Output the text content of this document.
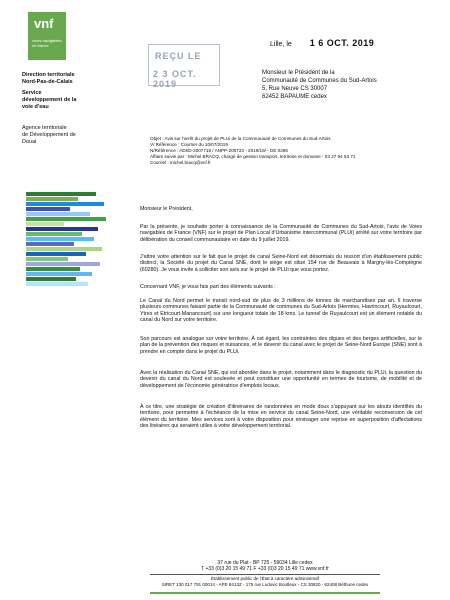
vnf
voies navigables de france
Direction territoriale
Nord-Pas-de-Calais
Service
développement de la voie d'eau
Agence territoriale
de Développement de Douai
REÇU LE
2 3 OCT. 2019
Lille, le 1 6 OCT. 2019
Monsieur le Président de la
Communauté de Communes du Sud-Artois
5, Rue Neuve CS 30007
62452 BAPAUME cedex
Objet : Avis sur l'arrêt du projet de PLUi de la Communauté de Communes du Sud-Artois
V/ Référence : Courrier du 10/07/2019
N/Référence : ADI/D-2007718 / ANPP-200723 - 2019/19/ - DE 0286
Affaire suivie par : Michel BRACQ, chargé de gestion transport, territoire et domaine - 03 27 94 53 71
Courriel : michel.bracq@vnf.fr
Monsieur le Président,
Par la présente, je souhaite porter à connaissance de la Communauté de Communes du Sud-Artois, l'avis de Voies navigables de France (VNF) sur le projet de Plan Local d'Urbanisme intercommunal (PLUi) arrêté sur votre territoire par délibération du conseil communautaire en date du 9 juillet 2019.
J'attire votre attention sur le fait que le projet de canal Seine-Nord est désormais du ressort d'un établissement public distinct, la Société du projet du Canal SNE, dont le siège est situé 154 rue de Beauvais à Margny-lès-Compiègne (60280). Je vous invite à solliciter son avis sur le projet de PLUi que vous portez.
Concernant VNF, je vous fais part des éléments suivants :
Le Canal du Nord permet le transit nord-sud de plus de 3 millions de tonnes de marchandises par an. Il traverse plusieurs communes faisant partie de la Communauté de communes du Sud-Artois (Hermies, Havrincourt, Ruyaulcourt, Ytres et Etricourt-Manancourt) sur une longueur totale de 18 kms. Le tunnel de Ruyaulcourt est un élément notable du canal du Nord sur votre territoire.
Son parcours est analogue sur votre territoire. À cet égard, les contraintes des digues et des berges artificielles, sur le plan de la prévention des risques et nuisances, et le devenir du canal avec le projet de Seine-Nord Europe (SNE) sont à prendre en compte dans le projet du PLUi.
Avec la réalisation du Canal SNE, qui est abordée dans le projet, notamment dans le diagnostic du PLUi, la question du devenir du canal du Nord est soulevée et peut constituer une opportunité en termes de tourisme, de mobilité et de développement de l'économie génératrice d'emplois locaux.
À ce titre, une stratégie de création d'itinéraires de randonnées en mode doux s'appuyant sur les atouts identifiés du territoire, pour permettre à l'échéance de la mise en service du canal Seine-Nord, une véritable reconversion de cet élément du territoire. Mes services sont à votre disposition pour envisager une reprise en superposition d'affectations des linéaires qui seraient utiles à votre développement territorial.
37 rue du Plat - BP 725 - 59034 Lille cedex
T +33 (0)3 20 15 49 71 F +33 (0)3 20 15 49 71 www.vnf.fr
Établissement public de l'État à caractère administratif
SIRET 130 017 791 00014 - APE 8413Z - 175 rue Ludovic Boutleux - CS 30820 - 62408 Béthune cedex
